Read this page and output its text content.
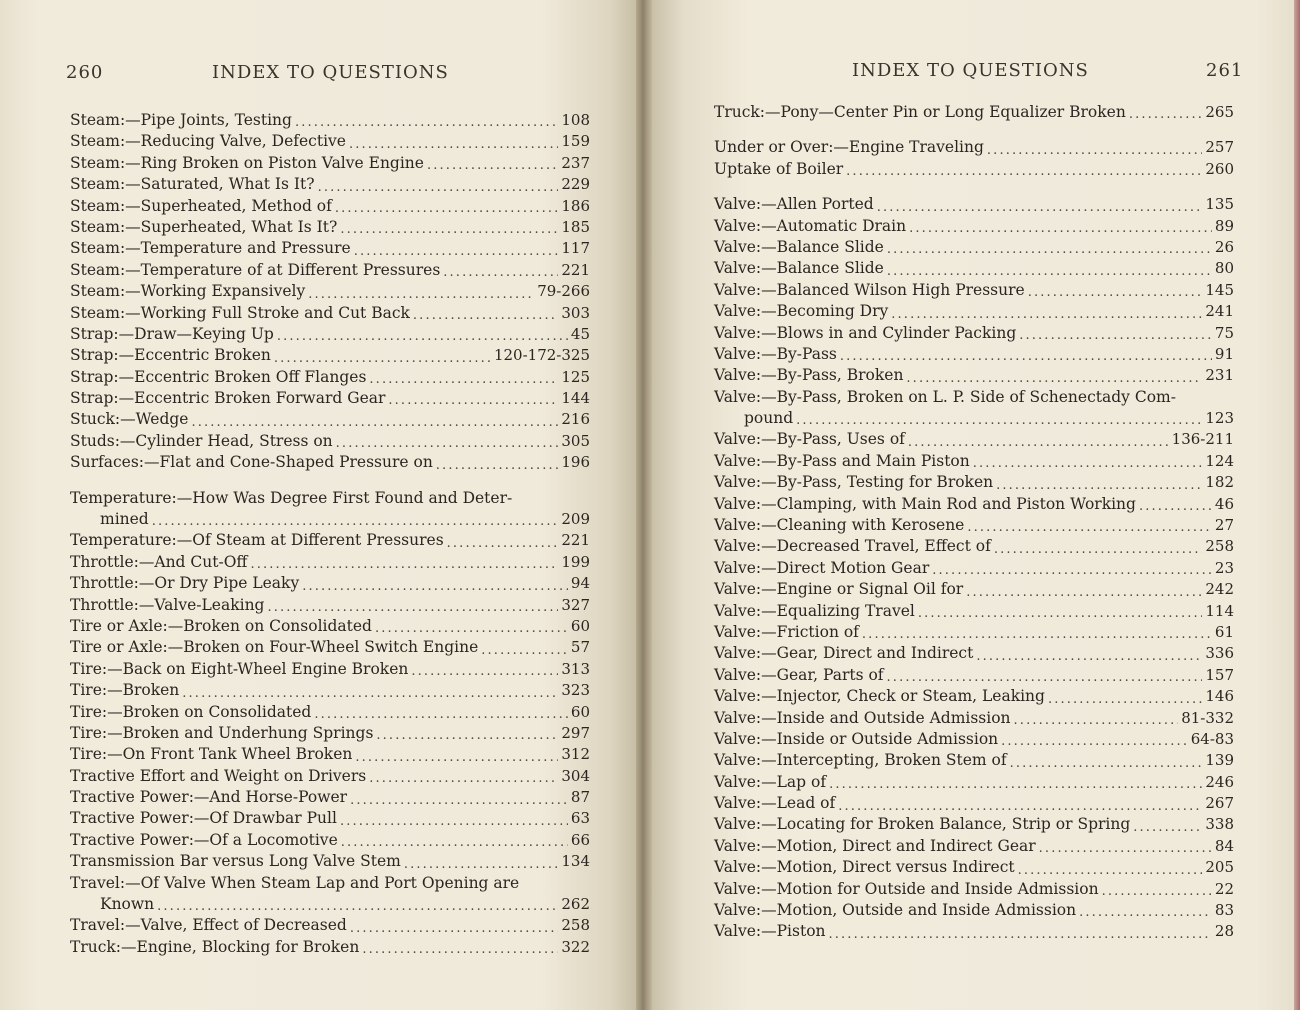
260	INDEX TO QUESTIONS
Steam:—Pipe Joints, Testing . . .	108
Steam:—Reducing Valve, Defective . . .	159
Steam:—Ring Broken on Piston Valve Engine . . .	237
Steam:—Saturated, What Is It? . . .	229
Steam:—Superheated, Method of . . .	186
Steam:—Superheated, What Is It? . . .	185
Steam:—Temperature and Pressure . . .	117
Steam:—Temperature of at Different Pressures . . .	221
Steam:—Working Expansively . . .	79-266
Steam:—Working Full Stroke and Cut Back . . .	303
Strap:—Draw—Keying Up . . .	45
Strap:—Eccentric Broken . . .	120-172-325
Strap:—Eccentric Broken Off Flanges . . .	125
Strap:—Eccentric Broken Forward Gear . . .	144
Stuck:—Wedge . . .	216
Studs:—Cylinder Head, Stress on . . .	305
Surfaces:—Flat and Cone-Shaped Pressure on . . .	196
Temperature:—How Was Degree First Found and Deter-
mined . . .	209
Temperature:—Of Steam at Different Pressures . . .	221
Throttle:—And Cut-Off . . .	199
Throttle:—Or Dry Pipe Leaky . . .	94
Throttle:—Valve-Leaking . . .	327
Tire or Axle:—Broken on Consolidated . . .	60
Tire or Axle:—Broken on Four-Wheel Switch Engine . . .	57
Tire:—Back on Eight-Wheel Engine Broken . . .	313
Tire:—Broken . . .	323
Tire:—Broken on Consolidated . . .	60
Tire:—Broken and Underhung Springs . . .	297
Tire:—On Front Tank Wheel Broken . . .	312
Tractive Effort and Weight on Drivers . . .	304
Tractive Power:—And Horse-Power . . .	87
Tractive Power:—Of Drawbar Pull . . .	63
Tractive Power:—Of a Locomotive . . .	66
Transmission Bar versus Long Valve Stem . . .	134
Travel:—Of Valve When Steam Lap and Port Opening are
Known . . .	262
Travel:—Valve, Effect of Decreased . . .	258
Truck:—Engine, Blocking for Broken . . .	322
INDEX TO QUESTIONS	261
Truck:—Pony—Center Pin or Long Equalizer Broken . . .	265
Under or Over:—Engine Traveling . . .	257
Uptake of Boiler . . .	260
Valve:—Allen Ported . . .	135
Valve:—Automatic Drain . . .	89
Valve:—Balance Slide . . .	26
Valve:—Balance Slide . . .	80
Valve:—Balanced Wilson High Pressure . . .	145
Valve:—Becoming Dry . . .	241
Valve:—Blows in and Cylinder Packing . . .	75
Valve:—By-Pass . . .	91
Valve:—By-Pass, Broken . . .	231
Valve:—By-Pass, Broken on L. P. Side of Schenectady Com-
pound . . .	123
Valve:—By-Pass, Uses of . . .	136-211
Valve:—By-Pass and Main Piston . . .	124
Valve:—By-Pass, Testing for Broken . . .	182
Valve:—Clamping, with Main Rod and Piston Working . . .	46
Valve:—Cleaning with Kerosene . . .	27
Valve:—Decreased Travel, Effect of . . .	258
Valve:—Direct Motion Gear . . .	23
Valve:—Engine or Signal Oil for . . .	242
Valve:—Equalizing Travel . . .	114
Valve:—Friction of . . .	61
Valve:—Gear, Direct and Indirect . . .	336
Valve:—Gear, Parts of . . .	157
Valve:—Injector, Check or Steam, Leaking . . .	146
Valve:—Inside and Outside Admission . . .	81-332
Valve:—Inside or Outside Admission . . .	64-83
Valve:—Intercepting, Broken Stem of . . .	139
Valve:—Lap of . . .	246
Valve:—Lead of . . .	267
Valve:—Locating for Broken Balance, Strip or Spring . . .	338
Valve:—Motion, Direct and Indirect Gear . . .	84
Valve:—Motion, Direct versus Indirect . . .	205
Valve:—Motion for Outside and Inside Admission . . .	22
Valve:—Motion, Outside and Inside Admission . . .	83
Valve:—Piston . . .	28
